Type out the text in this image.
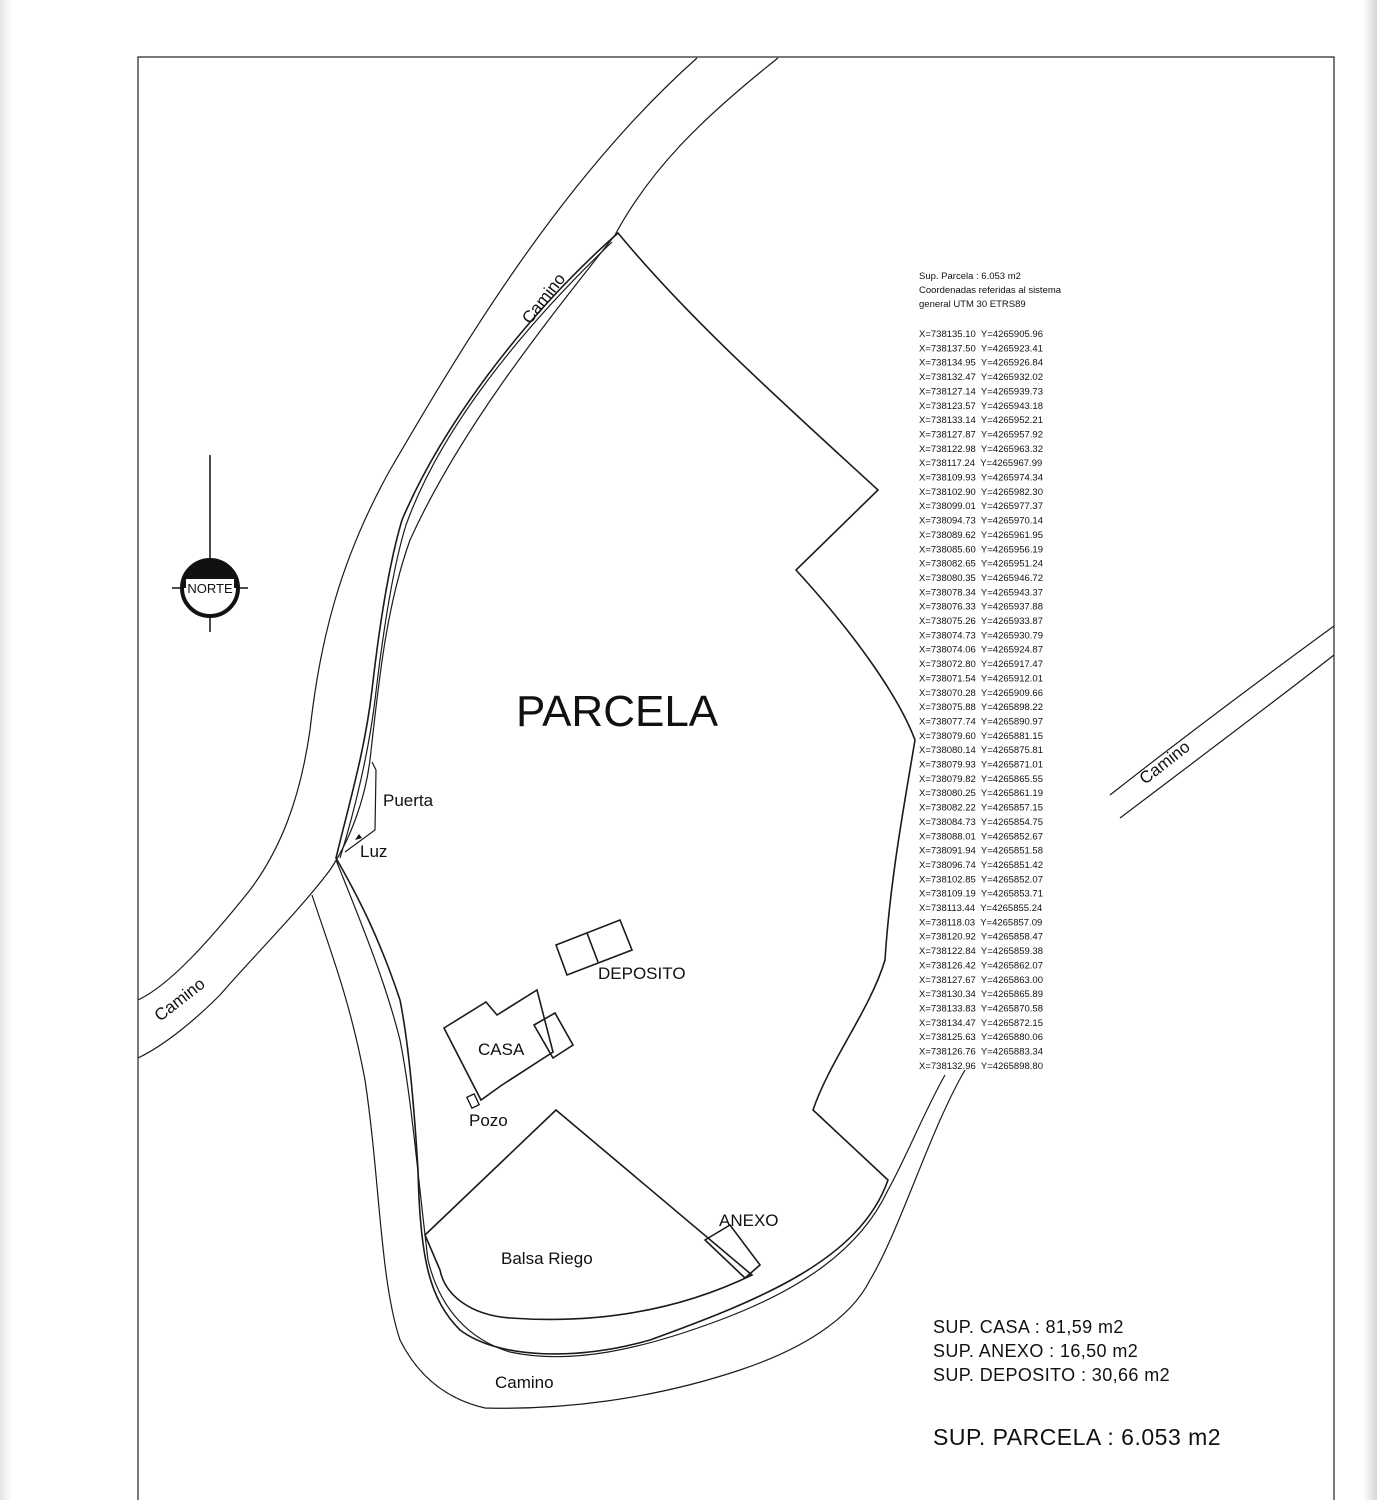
NORTE
Camino
Camino
Camino
Camino
PARCELA
Puerta
Luz
DEPOSITO
CASA
Pozo
ANEXO
Balsa Riego
Sup. Parcela : 6.053 m2
Coordenadas referidas al sistema
general UTM 30 ETRS89
X=738135.10  Y=4265905.96
X=738137.50  Y=4265923.41
X=738134.95  Y=4265926.84
X=738132.47  Y=4265932.02
X=738127.14  Y=4265939.73
X=738123.57  Y=4265943.18
X=738133.14  Y=4265952.21
X=738127.87  Y=4265957.92
X=738122.98  Y=4265963.32
X=738117.24  Y=4265967.99
X=738109.93  Y=4265974.34
X=738102.90  Y=4265982.30
X=738099.01  Y=4265977.37
X=738094.73  Y=4265970.14
X=738089.62  Y=4265961.95
X=738085.60  Y=4265956.19
X=738082.65  Y=4265951.24
X=738080.35  Y=4265946.72
X=738078.34  Y=4265943.37
X=738076.33  Y=4265937.88
X=738075.26  Y=4265933.87
X=738074.73  Y=4265930.79
X=738074.06  Y=4265924.87
X=738072.80  Y=4265917.47
X=738071.54  Y=4265912.01
X=738070.28  Y=4265909.66
X=738075.88  Y=4265898.22
X=738077.74  Y=4265890.97
X=738079.60  Y=4265881.15
X=738080.14  Y=4265875.81
X=738079.93  Y=4265871.01
X=738079.82  Y=4265865.55
X=738080.25  Y=4265861.19
X=738082.22  Y=4265857.15
X=738084.73  Y=4265854.75
X=738088.01  Y=4265852.67
X=738091.94  Y=4265851.58
X=738096.74  Y=4265851.42
X=738102.85  Y=4265852.07
X=738109.19  Y=4265853.71
X=738113.44  Y=4265855.24
X=738118.03  Y=4265857.09
X=738120.92  Y=4265858.47
X=738122.84  Y=4265859.38
X=738126.42  Y=4265862.07
X=738127.67  Y=4265863.00
X=738130.34  Y=4265865.89
X=738133.83  Y=4265870.58
X=738134.47  Y=4265872.15
X=738125.63  Y=4265880.06
X=738126.76  Y=4265883.34
X=738132.96  Y=4265898.80
SUP. CASA : 81,59 m2
SUP. ANEXO : 16,50 m2
SUP. DEPOSITO : 30,66 m2
SUP. PARCELA : 6.053 m2
